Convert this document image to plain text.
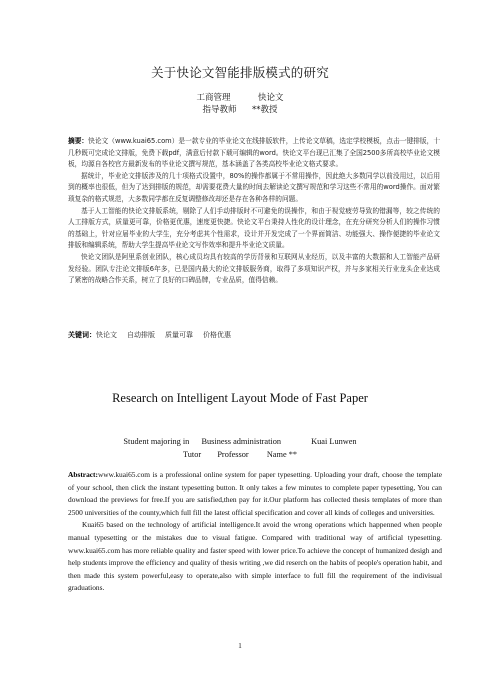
关于快论文智能排版模式的研究
工商管理	快论文
指导教师 **教授

摘要：快论文（www.kuai65.com）是一款专业的毕业论文在线排版软件，上传论文草稿，选定学校模板，点击一键排版，十几秒既可完成论文排版，免费下载pdf，满意后付款下载可编辑的word。快论文平台现已汇集了全国2500多所高校毕业论文模板，均源自各校官方最新发布的毕业论文撰写规范，基本涵盖了各类高校毕业论文格式要求。

据统计，毕业论文排版涉及的几十项格式设置中，80%的操作都属于不常用操作，因此绝大多数同学以前没用过，以后用到的概率也很低，但为了达到排版的规范，却需要花费大量的时间去解读论文撰写规范和学习这些不常用的word操作。面对繁琐复杂的格式规范，大多数同学都在反复调整修改却还是存在各种各样的问题。

基于人工智能的快论文排版系统，剔除了人们手动排版时不可避免的误操作，和由于视觉疲劳导致的错漏等，较之传统的人工排版方式，质量更可靠，价格更优惠，速度更快捷。快论文平台秉持人性化的设计理念，在充分研究分析人们的操作习惯的基础上，针对应届毕业的大学生，充分考虑其个性需求，设计并开发完成了一个界面简洁、功能强大、操作便捷的毕业论文排版和编辑系统，帮助大学生提高毕业论文写作效率和提升毕业论文质量。

快论文团队是阿里系创业团队，核心成员均具有较高的学历背景和互联网从业经历，以及丰富的大数据和人工智能产品研发经验。团队专注论文排版6年多，已是国内最大的论文排版服务商，取得了多项知识产权，并与多家相关行业龙头企业达成了紧密的战略合作关系，树立了良好的口碑品牌，专业品质，值得信赖。

关键词：快论文 自动排版 质量可靠 价格优惠
Research on Intelligent Layout Mode of Fast Paper
Student majoring in Business administration	Kuai Lunwen
Tutor Professor Name **

Abstract:www.kuai65.com is a professional online system for paper typesetting. Uploading your draft, choose the template of your school, then click the instant typesetting button. It only takes a few minutes to complete paper typesetting, You can download the previews for free.If you are satisfied,then pay for it.Our platform has collected thesis templates of more than 2500 universities of the county,which full fill the latest official specification and cover all kinds of colleges and universities.

Kuai65 based on the technology of artificial intelligence.It avoid the wrong operations which happenned when people manual typesetting or the mistakes due to visual fatigue. Compared with traditional way of artificial typesetting. www.kuai65.com has more reliable quality and faster speed with lower price.To achieve the concept of humanized desigh and help students improve the efficiency and quality of thesis writing ,we did reserch on the habits of people's operation habit, and then made this system powerful,easy to operate,also with simple interface to full fill the requirement of the indivisual graduations.

1
